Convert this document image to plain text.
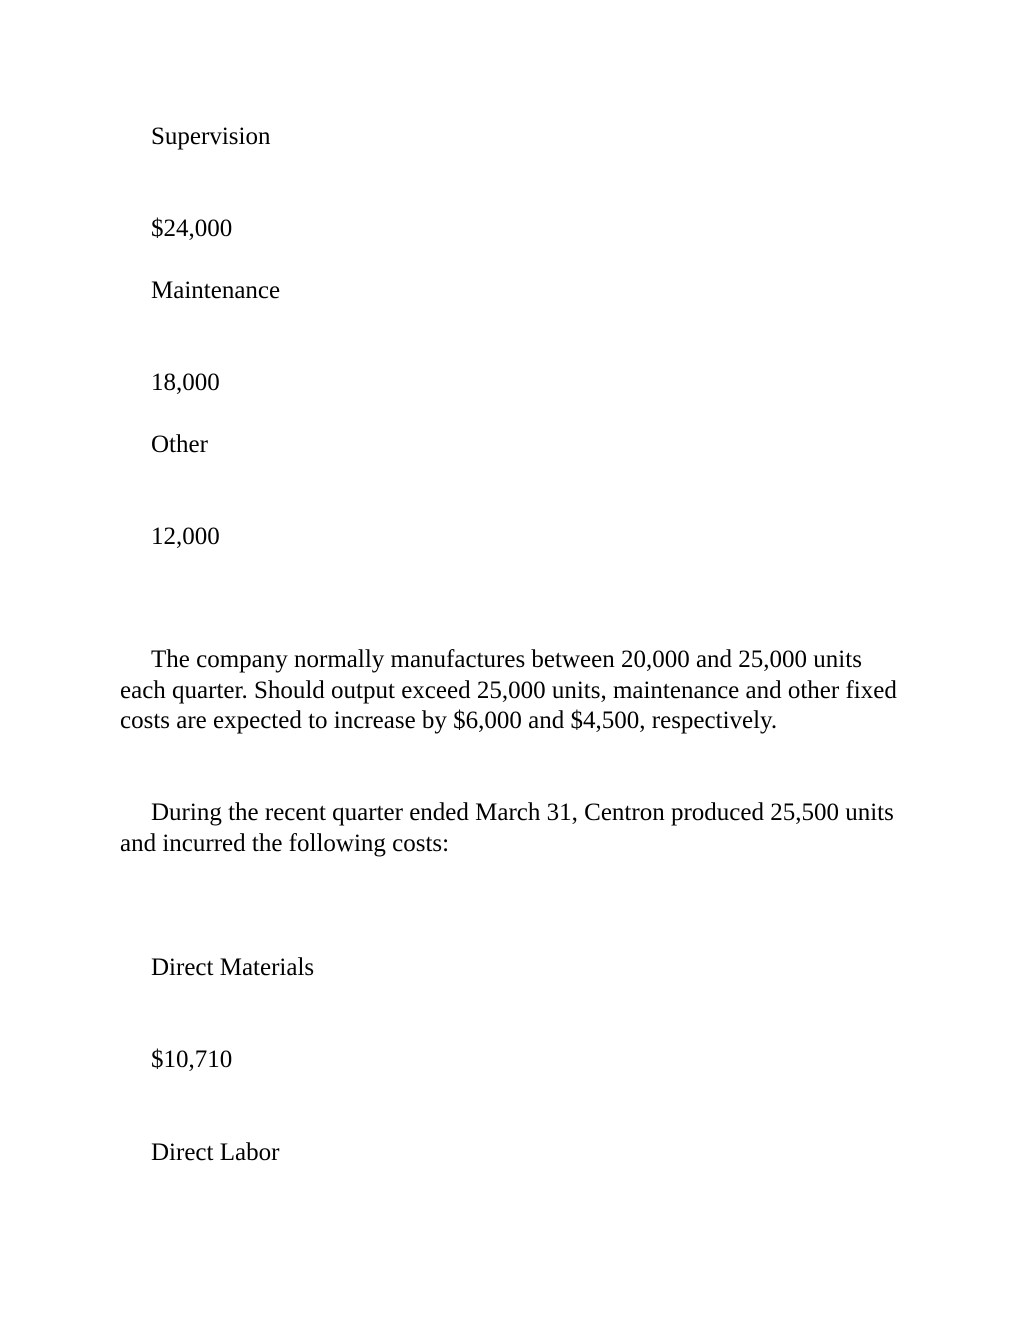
Supervision

$24,000

Maintenance

18,000

Other

12,000

The company normally manufactures between 20,000 and 25,000 units each quarter. Should output exceed 25,000 units, maintenance and other fixed costs are expected to increase by $6,000 and $4,500, respectively.

During the recent quarter ended March 31, Centron produced 25,500 units and incurred the following costs:

Direct Materials

$10,710

Direct Labor
